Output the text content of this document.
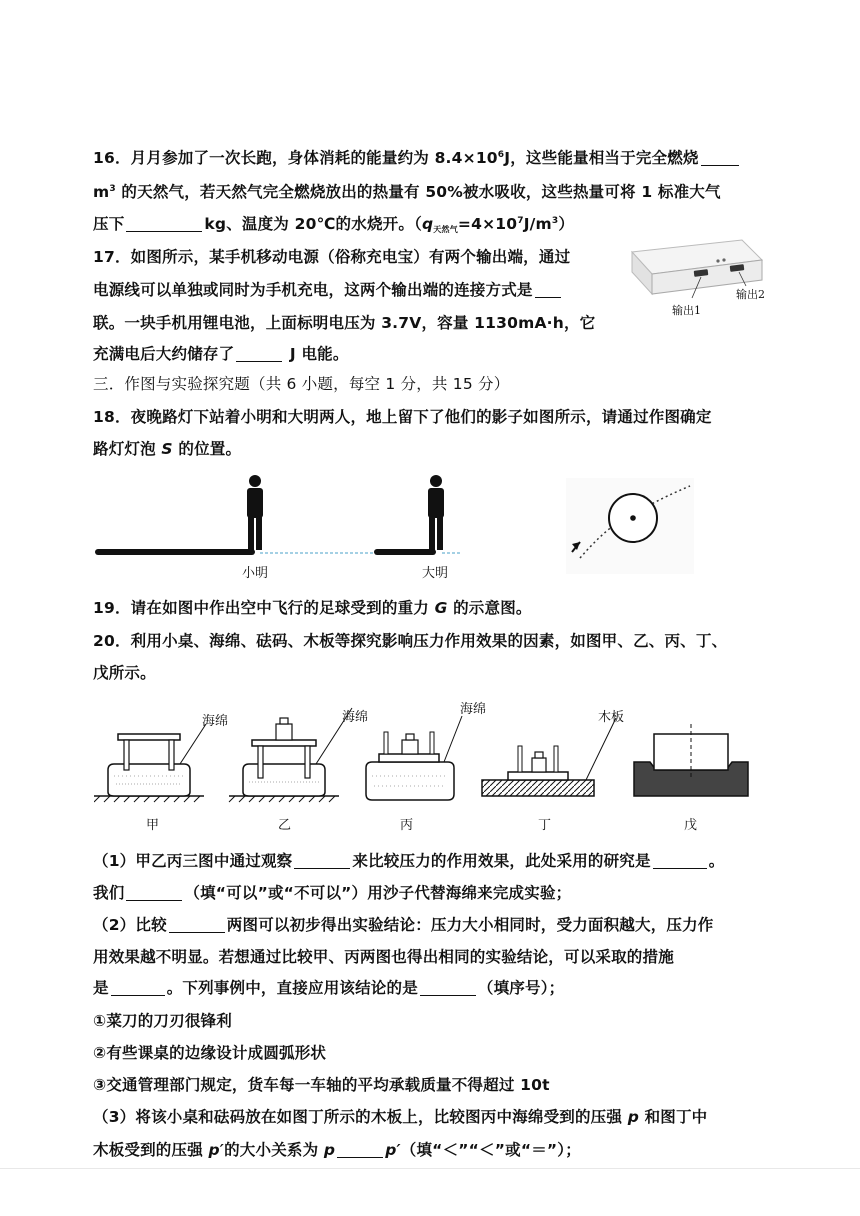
16．月月参加了一次长跑，身体消耗的能量约为 $8.4\times 10^6J$，这些能量相当于完全燃烧
$m^3$ 的天然气，若天然气完全燃烧放出的热量有 50%被水吸收，这些热量可将 1 标准大气
压下	kg、温度为 20℃的水烧开。$(q_{天然气}=4\times 10^7J/m^3)$
17．如图所示，某手机移动电源（俗称充电宝）有两个输出端，通过
电源线可以单独或同时为手机充电，这两个输出端的连接方式是
联。一块手机用锂电池，上面标明电压为 3.7V，容量 1130mA·h，它
充满电后大约储存了	J 电能。
输出1
输出2
三．作图与实验探究题（共 6 小题，每空 1 分，共 15 分）
18．夜晚路灯下站着小明和大明两人，地上留下了他们的影子如图所示，请通过作图确定
路灯灯泡 S 的位置。
小明	大明
19．请在如图中作出空中飞行的足球受到的重力 G 的示意图。
20．利用小桌、海绵、砝码、木板等探究影响压力作用效果的因素，如图甲、乙、丙、丁、
戊所示。
海绵	海绵
海绵
木板
甲	乙	丙	丁	戊
（1）甲乙丙三图中通过观察	来比较压力的作用效果，此处采用的研究是	。
我们	（填“可以”或“不可以”）用沙子代替海绵来完成实验；
（2）比较	两图可以初步得出实验结论：压力大小相同时，受力面积越大，压力作
用效果越不明显。若想通过比较甲、丙两图也得出相同的实验结论，可以采取的措施
是	。下列事例中，直接应用该结论的是	（填序号）；
①菜刀的刀刃很锋利
②有些课桌的边缘设计成圆弧形状
③交通管理部门规定，货车每一车轴的平均承载质量不得超过 10t
（3）将该小桌和砝码放在如图丁所示的木板上，比较图丙中海绵受到的压强 p 和图丁中
木板受到的压强 p′的大小关系为 p	p′（填“＜”“＜”或“＝”）；
